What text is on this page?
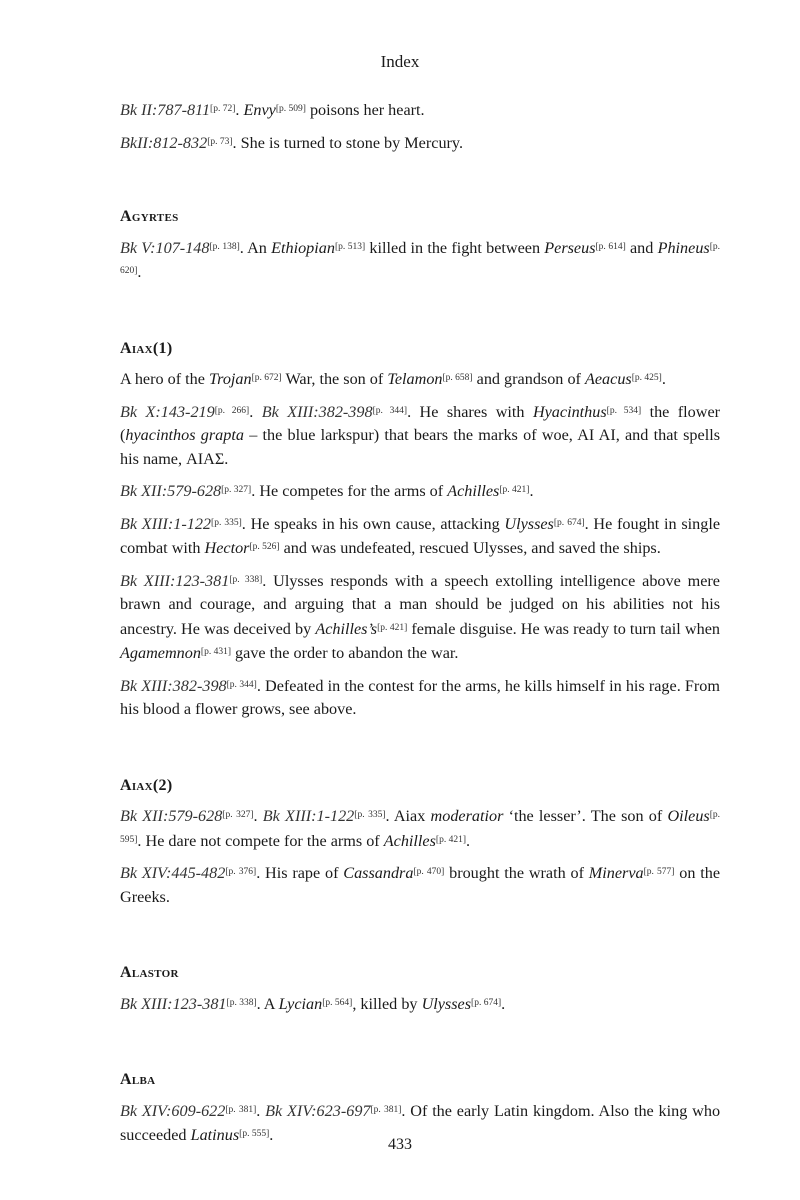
Index

Bk II:787-811[p. 72]. Envy[p. 509] poisons her heart.

BkII:812-832[p. 73]. She is turned to stone by Mercury.

Agyrtes

Bk V:107-148[p. 138]. An Ethiopian[p. 513] killed in the fight between Perseus[p. 614] and Phineus[p. 620].

Aiax(1)

A hero of the Trojan[p. 672] War, the son of Telamon[p. 658] and grandson of Aeacus[p. 425].

Bk X:143-219[p. 266]. Bk XIII:382-398[p. 344]. He shares with Hyacinthus[p. 534] the flower (hyacinthos grapta – the blue larkspur) that bears the marks of woe, AI AI, and that spells his name, ΑΙΑΣ.

Bk XII:579-628[p. 327]. He competes for the arms of Achilles[p. 421].

Bk XIII:1-122[p. 335]. He speaks in his own cause, attacking Ulysses[p. 674]. He fought in single combat with Hector[p. 526] and was undefeated, rescued Ulysses, and saved the ships.

Bk XIII:123-381[p. 338]. Ulysses responds with a speech extolling intelligence above mere brawn and courage, and arguing that a man should be judged on his abilities not his ancestry. He was deceived by Achilles’s[p. 421] female disguise. He was ready to turn tail when Agamemnon[p. 431] gave the order to abandon the war.

Bk XIII:382-398[p. 344]. Defeated in the contest for the arms, he kills himself in his rage. From his blood a flower grows, see above.

Aiax(2)

Bk XII:579-628[p. 327]. Bk XIII:1-122[p. 335]. Aiax moderatior ‘the lesser’. The son of Oileus[p. 595]. He dare not compete for the arms of Achilles[p. 421].

Bk XIV:445-482[p. 376]. His rape of Cassandra[p. 470] brought the wrath of Minerva[p. 577] on the Greeks.

Alastor

Bk XIII:123-381[p. 338]. A Lycian[p. 564], killed by Ulysses[p. 674].

Alba

Bk XIV:609-622[p. 381]. Bk XIV:623-697[p. 381]. Of the early Latin kingdom. Also the king who succeeded Latinus[p. 555].

433
